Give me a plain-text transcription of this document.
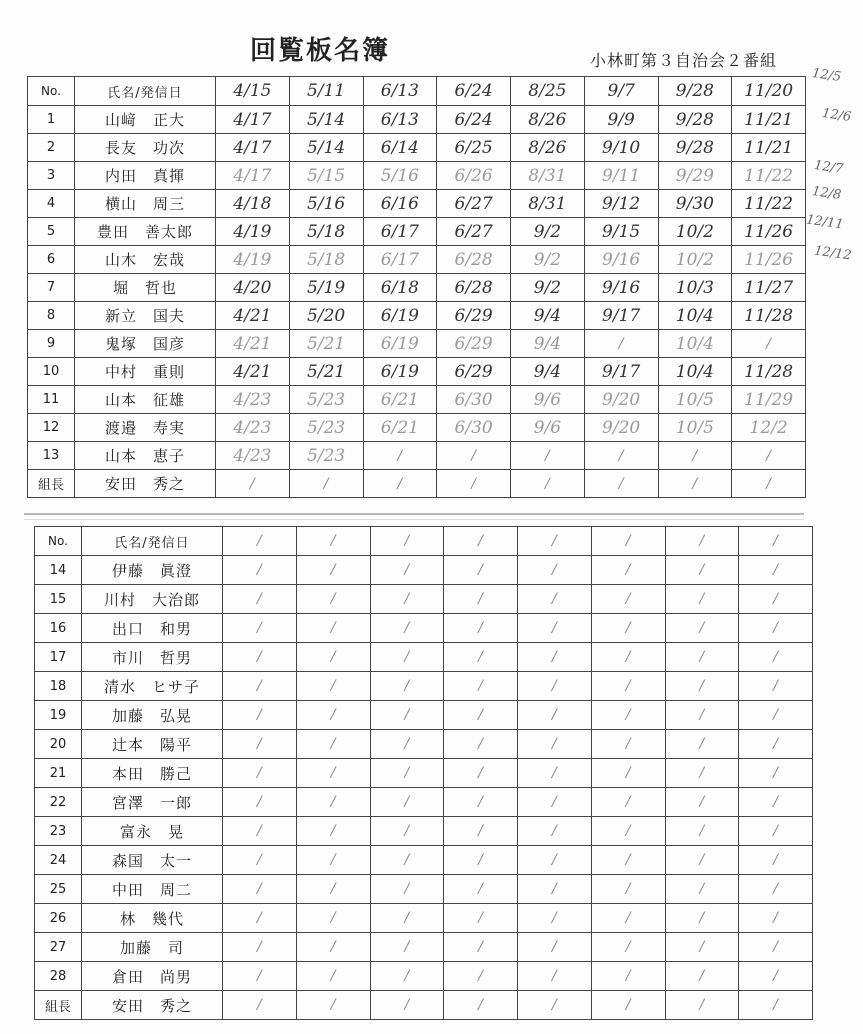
回覧板名簿	小林町第３自治会２番組
No.	氏名/発信日	4/15	5/11	6/13	6/24	8/25	9/7	9/28	11/20
1	山﨑　正大	4/17	5/14	6/13	6/24	8/26	9/9	9/28	11/21
2	長友　功次	4/17	5/14	6/14	6/25	8/26	9/10	9/28	11/21
3	内田　真揮	4/17	5/15	5/16	6/26	8/31	9/11	9/29	11/22
4	横山　周三	4/18	5/16	6/16	6/27	8/31	9/12	9/30	11/22
5	豊田　善太郎	4/19	5/18	6/17	6/27	9/2	9/15	10/2	11/26
6	山木　宏哉	4/19	5/18	6/17	6/28	9/2	9/16	10/2	11/26
7	堀　哲也	4/20	5/19	6/18	6/28	9/2	9/16	10/3	11/27
8	新立　国夫	4/21	5/20	6/19	6/29	9/4	9/17	10/4	11/28
9	鬼塚　国彦	4/21	5/21	6/19	6/29	9/4	/	10/4	/
10	中村　重則	4/21	5/21	6/19	6/29	9/4	9/17	10/4	11/28
11	山本　征雄	4/23	5/23	6/21	6/30	9/6	9/20	10/5	11/29
12	渡邉　寿実	4/23	5/23	6/21	6/30	9/6	9/20	10/5	12/2
13	山本　恵子	4/23	5/23	/	/	/	/	/	/
組長	安田　秀之	/	/	/	/	/	/	/	/
No.	氏名/発信日	/	/	/	/	/	/	/	/
14	伊藤　眞澄	/	/	/	/	/	/	/	/
15	川村　大治郎	/	/	/	/	/	/	/	/
16	出口　和男	/	/	/	/	/	/	/	/
17	市川　哲男	/	/	/	/	/	/	/	/
18	清水　ヒサ子	/	/	/	/	/	/	/	/
19	加藤　弘晃	/	/	/	/	/	/	/	/
20	辻本　陽平	/	/	/	/	/	/	/	/
21	本田　勝己	/	/	/	/	/	/	/	/
22	宮澤　一郎	/	/	/	/	/	/	/	/
23	富永　晃	/	/	/	/	/	/	/	/
24	森国　太一	/	/	/	/	/	/	/	/
25	中田　周二	/	/	/	/	/	/	/	/
26	林　幾代	/	/	/	/	/	/	/	/
27	加藤　司	/	/	/	/	/	/	/	/
28	倉田　尚男	/	/	/	/	/	/	/	/
組長	安田　秀之	/	/	/	/	/	/	/	/
12/5
12/6
12/7
12/8
12/11
12/12
